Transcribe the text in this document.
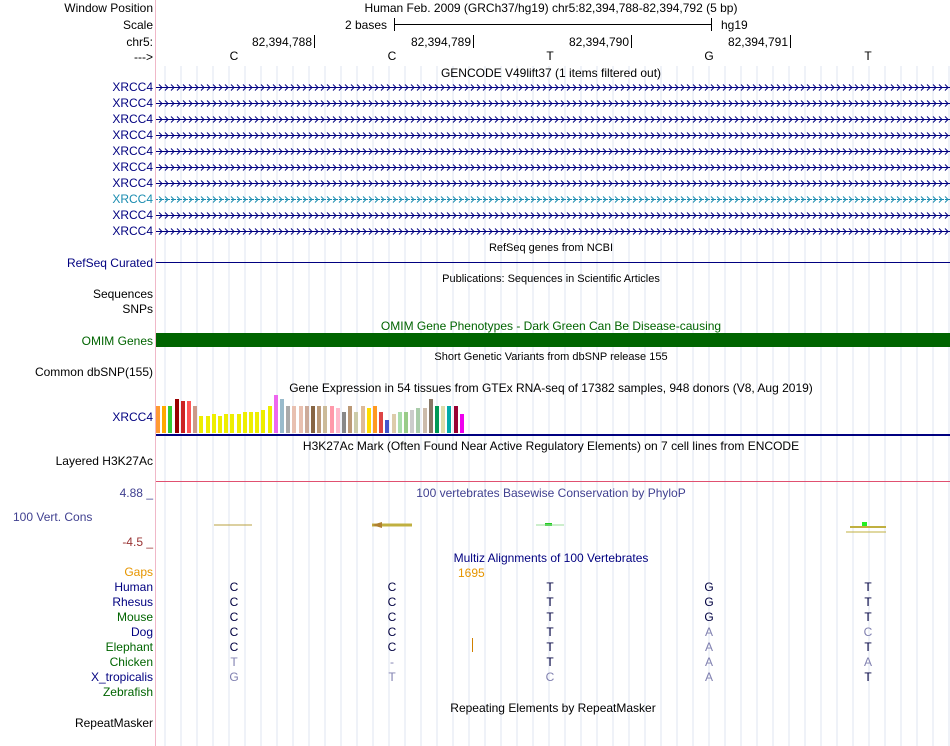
Window Position
Scale
chr5:
--->
Human Feb. 2009 (GRCh37/hg19) chr5:82,394,788-82,394,792 (5 bp)
2 bases	hg19
82,394,788	82,394,789	82,394,790	82,394,791
C	C	T	G	T
GENCODE V49lift37 (1 items filtered out)
XRCC4
XRCC4
XRCC4
XRCC4
XRCC4
XRCC4
XRCC4
XRCC4
XRCC4
XRCC4
RefSeq genes from NCBI
RefSeq Curated
Publications: Sequences in Scientific Articles
Sequences
SNPs
OMIM Gene Phenotypes - Dark Green Can Be Disease-causing
OMIM Genes
Short Genetic Variants from dbSNP release 155
Common dbSNP(155)
Gene Expression in 54 tissues from GTEx RNA-seq of 17382 samples, 948 donors (V8, Aug 2019)
XRCC4
H3K27Ac Mark (Often Found Near Active Regulatory Elements) on 7 cell lines from ENCODE
Layered H3K27Ac
4.88 _	100 vertebrates Basewise Conservation by PhyloP
100 Vert. Cons
-4.5 _
Multiz Alignments of 100 Vertebrates
Gaps	1695
Human	C	C	T	G	T
Rhesus	C	C	T	G	T
Mouse	C	C	T	G	T
Dog	C	C	T	A	C
Elephant	C	C	T	A	T
Chicken	T	-	T	A	A
X_tropicalis	G	T	C	A	T
Zebrafish
Repeating Elements by RepeatMasker
RepeatMasker
